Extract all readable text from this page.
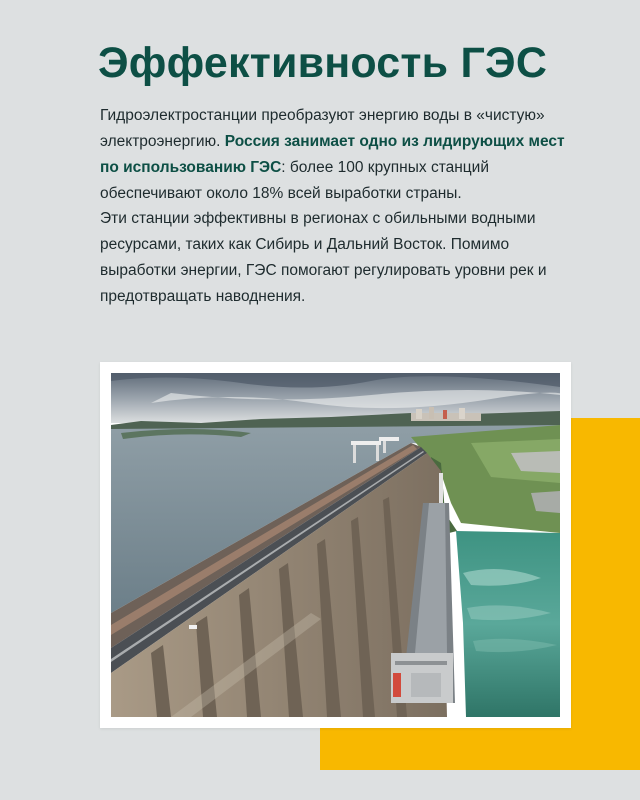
Эффективность ГЭС

Гидроэлектростанции преобразуют энергию воды в «чистую» электроэнергию. Россия занимает одно из лидирующих мест по использованию ГЭС: более 100 крупных станций обеспечивают около 18% всей выработки страны.

Эти станции эффективны в регионах с обильными водными ресурсами, таких как Сибирь и Дальний Восток. Помимо выработки энергии, ГЭС помогают регулировать уровни рек и предотвращать наводнения.
